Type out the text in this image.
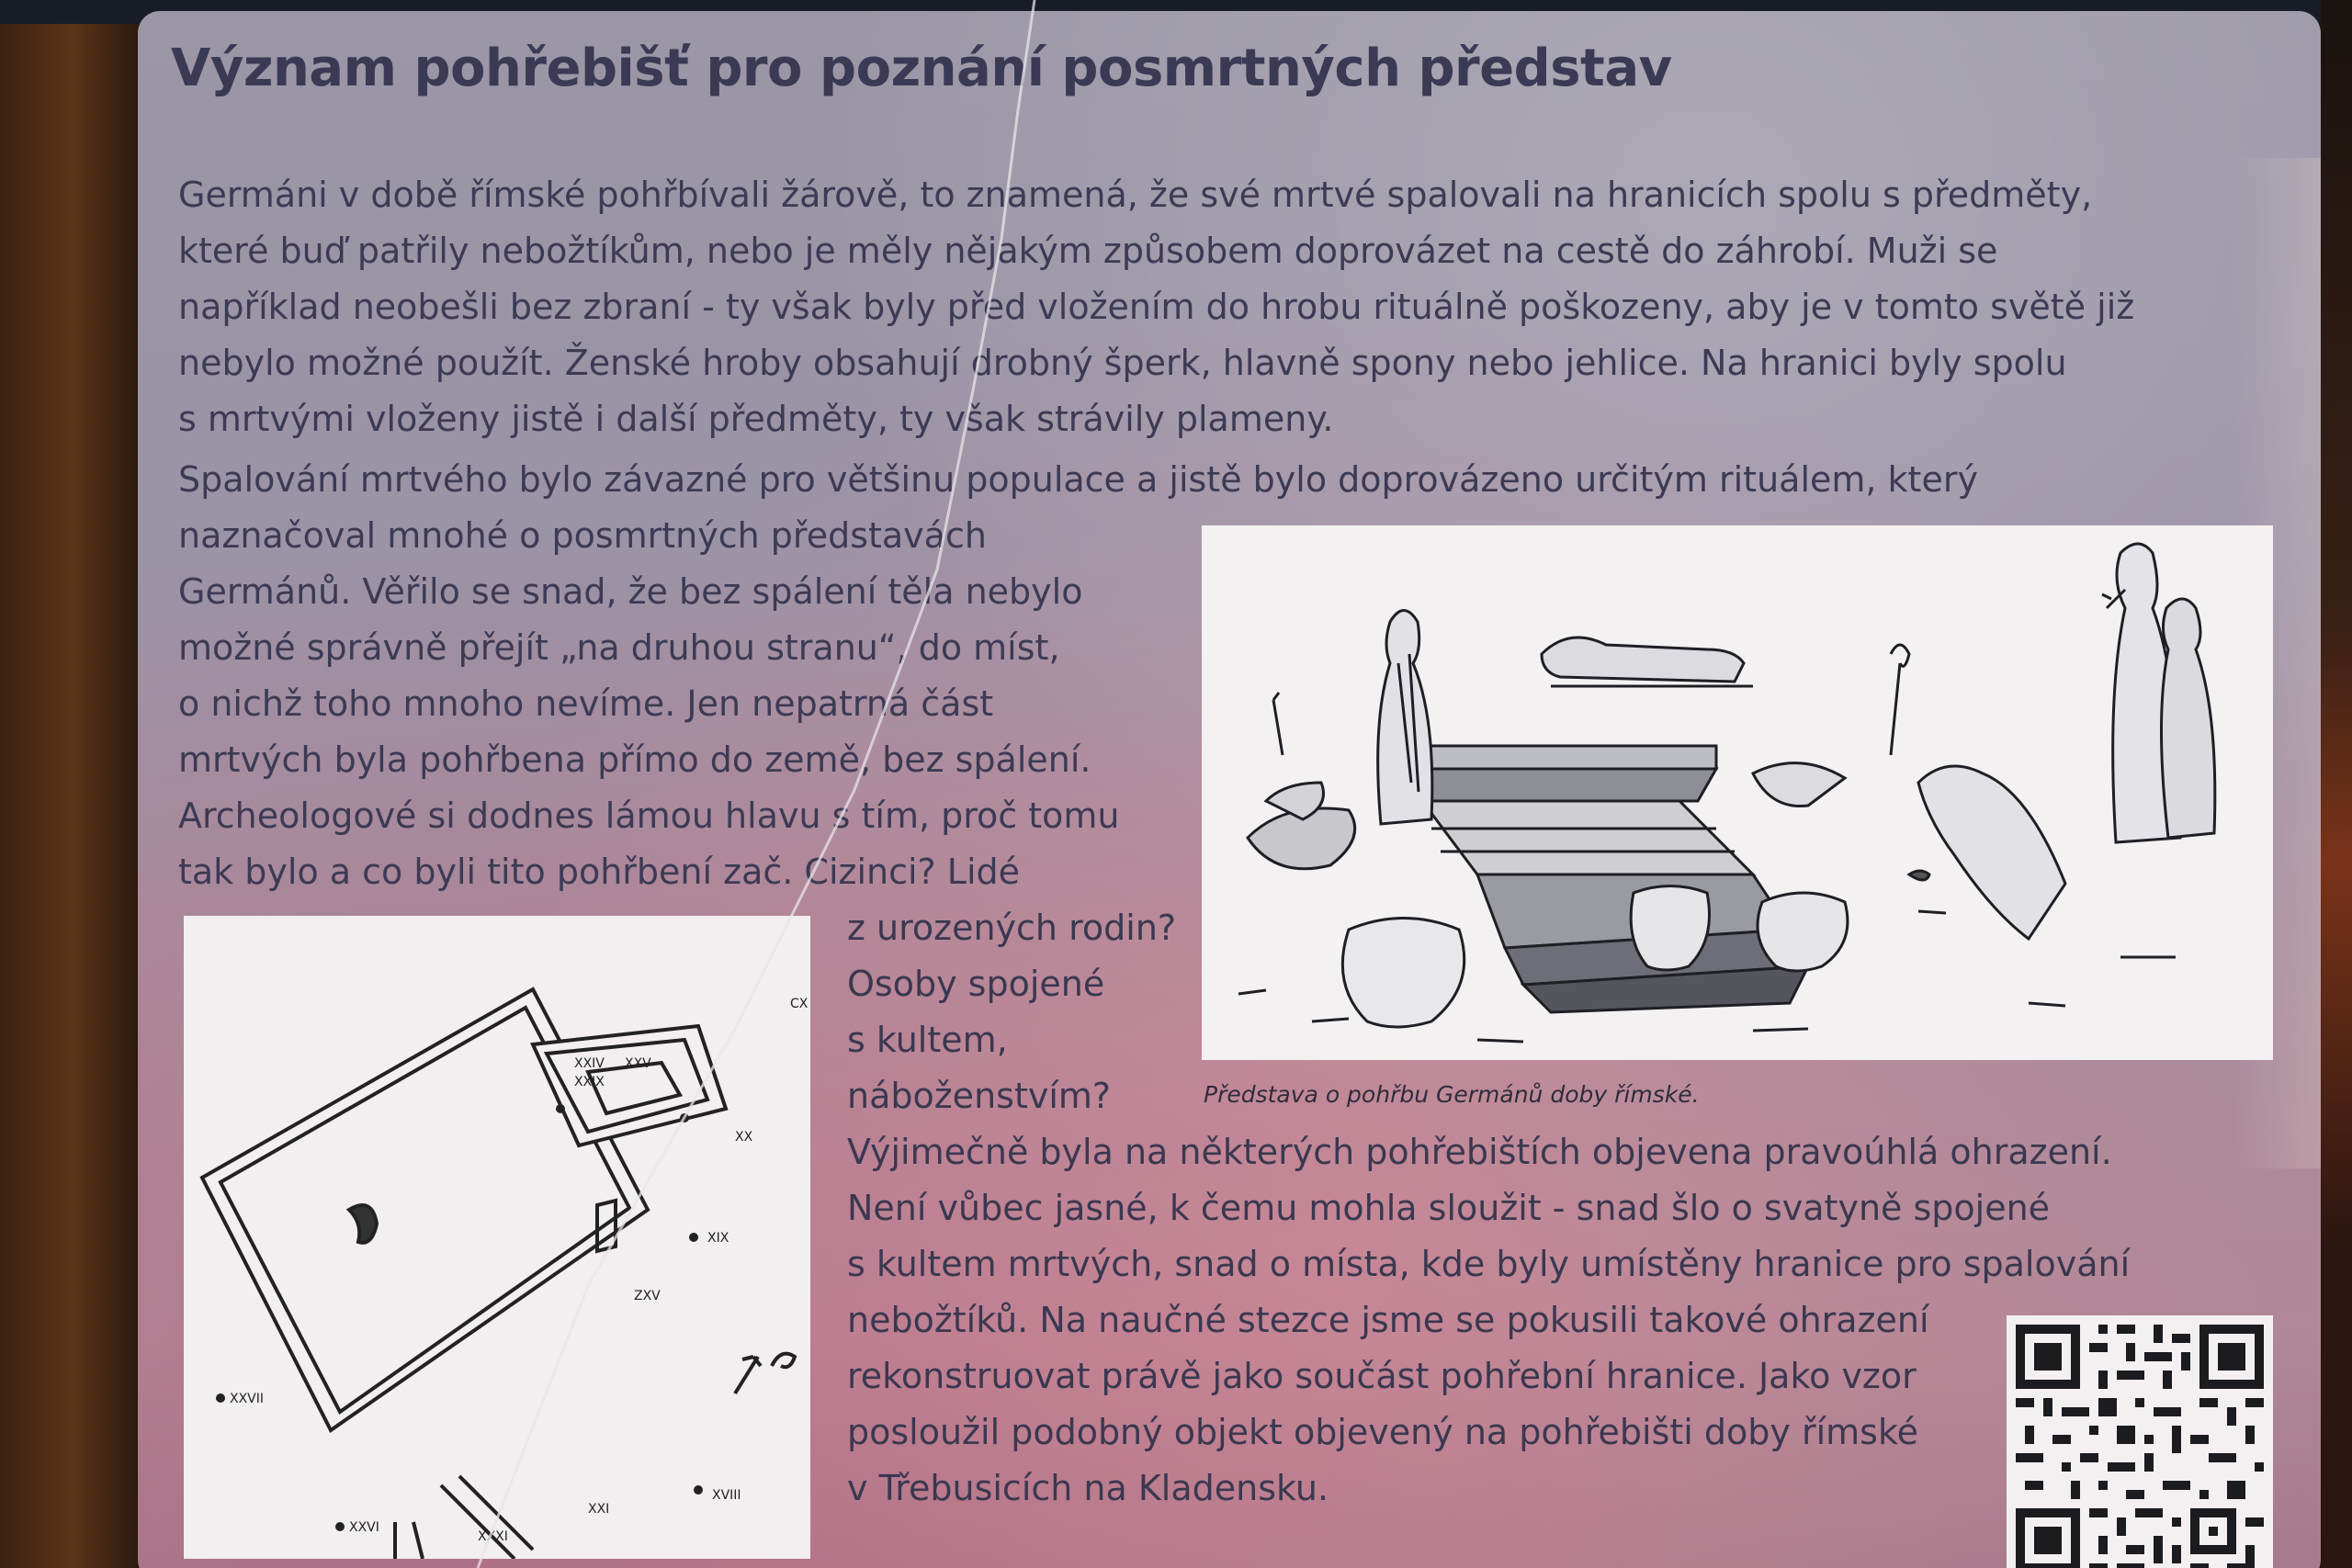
Význam pohřebišť pro poznání posmrtných představ
Germáni v době římské pohřbívali žárově, to znamená, že své mrtvé spalovali na hranicích spolu s předměty,
které buď patřily nebožtíkům, nebo je měly nějakým způsobem doprovázet na cestě do záhrobí. Muži se
například neobešli bez zbraní - ty však byly před vložením do hrobu rituálně poškozeny, aby je v tomto světě již
nebylo možné použít. Ženské hroby obsahují drobný šperk, hlavně spony nebo jehlice. Na hranici byly spolu
s mrtvými vloženy jistě i další předměty, ty však strávily plameny.
Spalování mrtvého bylo závazné pro většinu populace a jistě bylo doprovázeno určitým rituálem, který
naznačoval mnohé o posmrtných představách
Germánů. Věřilo se snad, že bez spálení těla nebylo
možné správně přejít „na druhou stranu“, do míst,
o nichž toho mnoho nevíme. Jen nepatrná část
mrtvých byla pohřbena přímo do země, bez spálení.
Archeologové si dodnes lámou hlavu s tím, proč tomu
tak bylo a co byli tito pohřbení zač. Cizinci? Lidé
z urozených rodin?
Osoby spojené
s kultem,
náboženstvím?
Výjimečně byla na některých pohřebištích objevena pravoúhlá ohrazení.
Není vůbec jasné, k čemu mohla sloužit - snad šlo o svatyně spojené
s kultem mrtvých, snad o místa, kde byly umístěny hranice pro spalování
nebožtíků. Na naučné stezce jsme se pokusili takové ohrazení
rekonstruovat právě jako součást pohřební hranice. Jako vzor
posloužil podobný objekt objevený na pohřebišti doby římské
v Třebusicích na Kladensku.

Představa o pohřbu Germánů doby římské.

XXIV XXV
XXIX
XX
XIX
XXVII
XVIII
XXI
XXVI
XXXI
ZXV
CX
